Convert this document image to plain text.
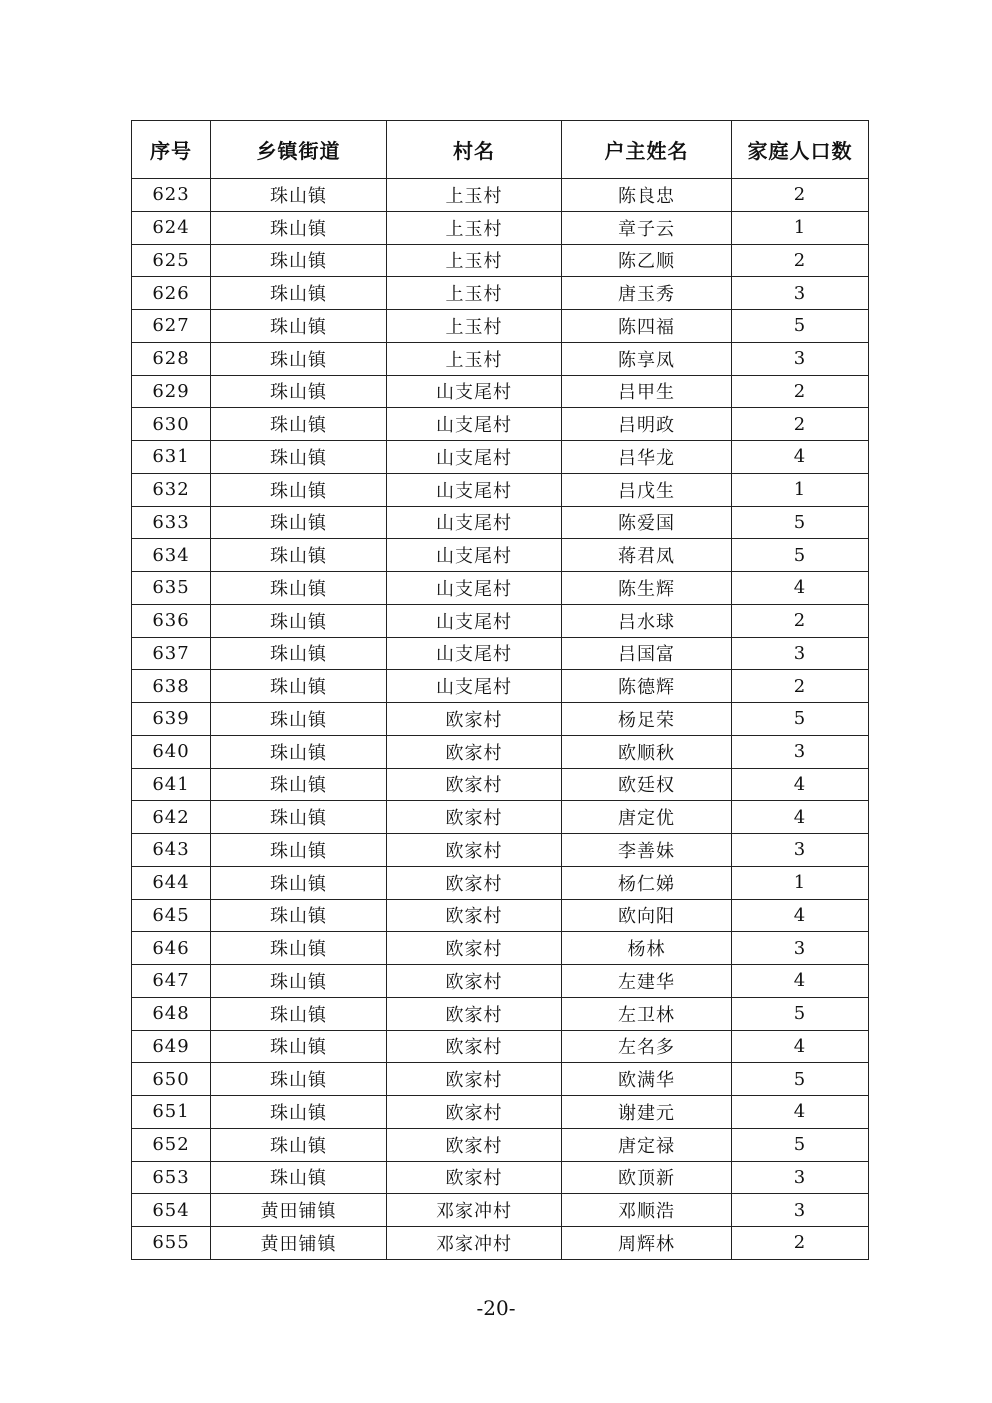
序号	乡镇街道	村名	户主姓名	家庭人口数
623	珠山镇	上玉村	陈良忠	2
624	珠山镇	上玉村	章子云	1
625	珠山镇	上玉村	陈乙顺	2
626	珠山镇	上玉村	唐玉秀	3
627	珠山镇	上玉村	陈四福	5
628	珠山镇	上玉村	陈享凤	3
629	珠山镇	山支尾村	吕甲生	2
630	珠山镇	山支尾村	吕明政	2
631	珠山镇	山支尾村	吕华龙	4
632	珠山镇	山支尾村	吕戊生	1
633	珠山镇	山支尾村	陈爱国	5
634	珠山镇	山支尾村	蒋君凤	5
635	珠山镇	山支尾村	陈生辉	4
636	珠山镇	山支尾村	吕水球	2
637	珠山镇	山支尾村	吕国富	3
638	珠山镇	山支尾村	陈德辉	2
639	珠山镇	欧家村	杨足荣	5
640	珠山镇	欧家村	欧顺秋	3
641	珠山镇	欧家村	欧廷权	4
642	珠山镇	欧家村	唐定优	4
643	珠山镇	欧家村	李善妹	3
644	珠山镇	欧家村	杨仁娣	1
645	珠山镇	欧家村	欧向阳	4
646	珠山镇	欧家村	杨林	3
647	珠山镇	欧家村	左建华	4
648	珠山镇	欧家村	左卫林	5
649	珠山镇	欧家村	左名多	4
650	珠山镇	欧家村	欧满华	5
651	珠山镇	欧家村	谢建元	4
652	珠山镇	欧家村	唐定禄	5
653	珠山镇	欧家村	欧顶新	3
654	黄田铺镇	邓家冲村	邓顺浩	3
655	黄田铺镇	邓家冲村	周辉林	2
-20-
